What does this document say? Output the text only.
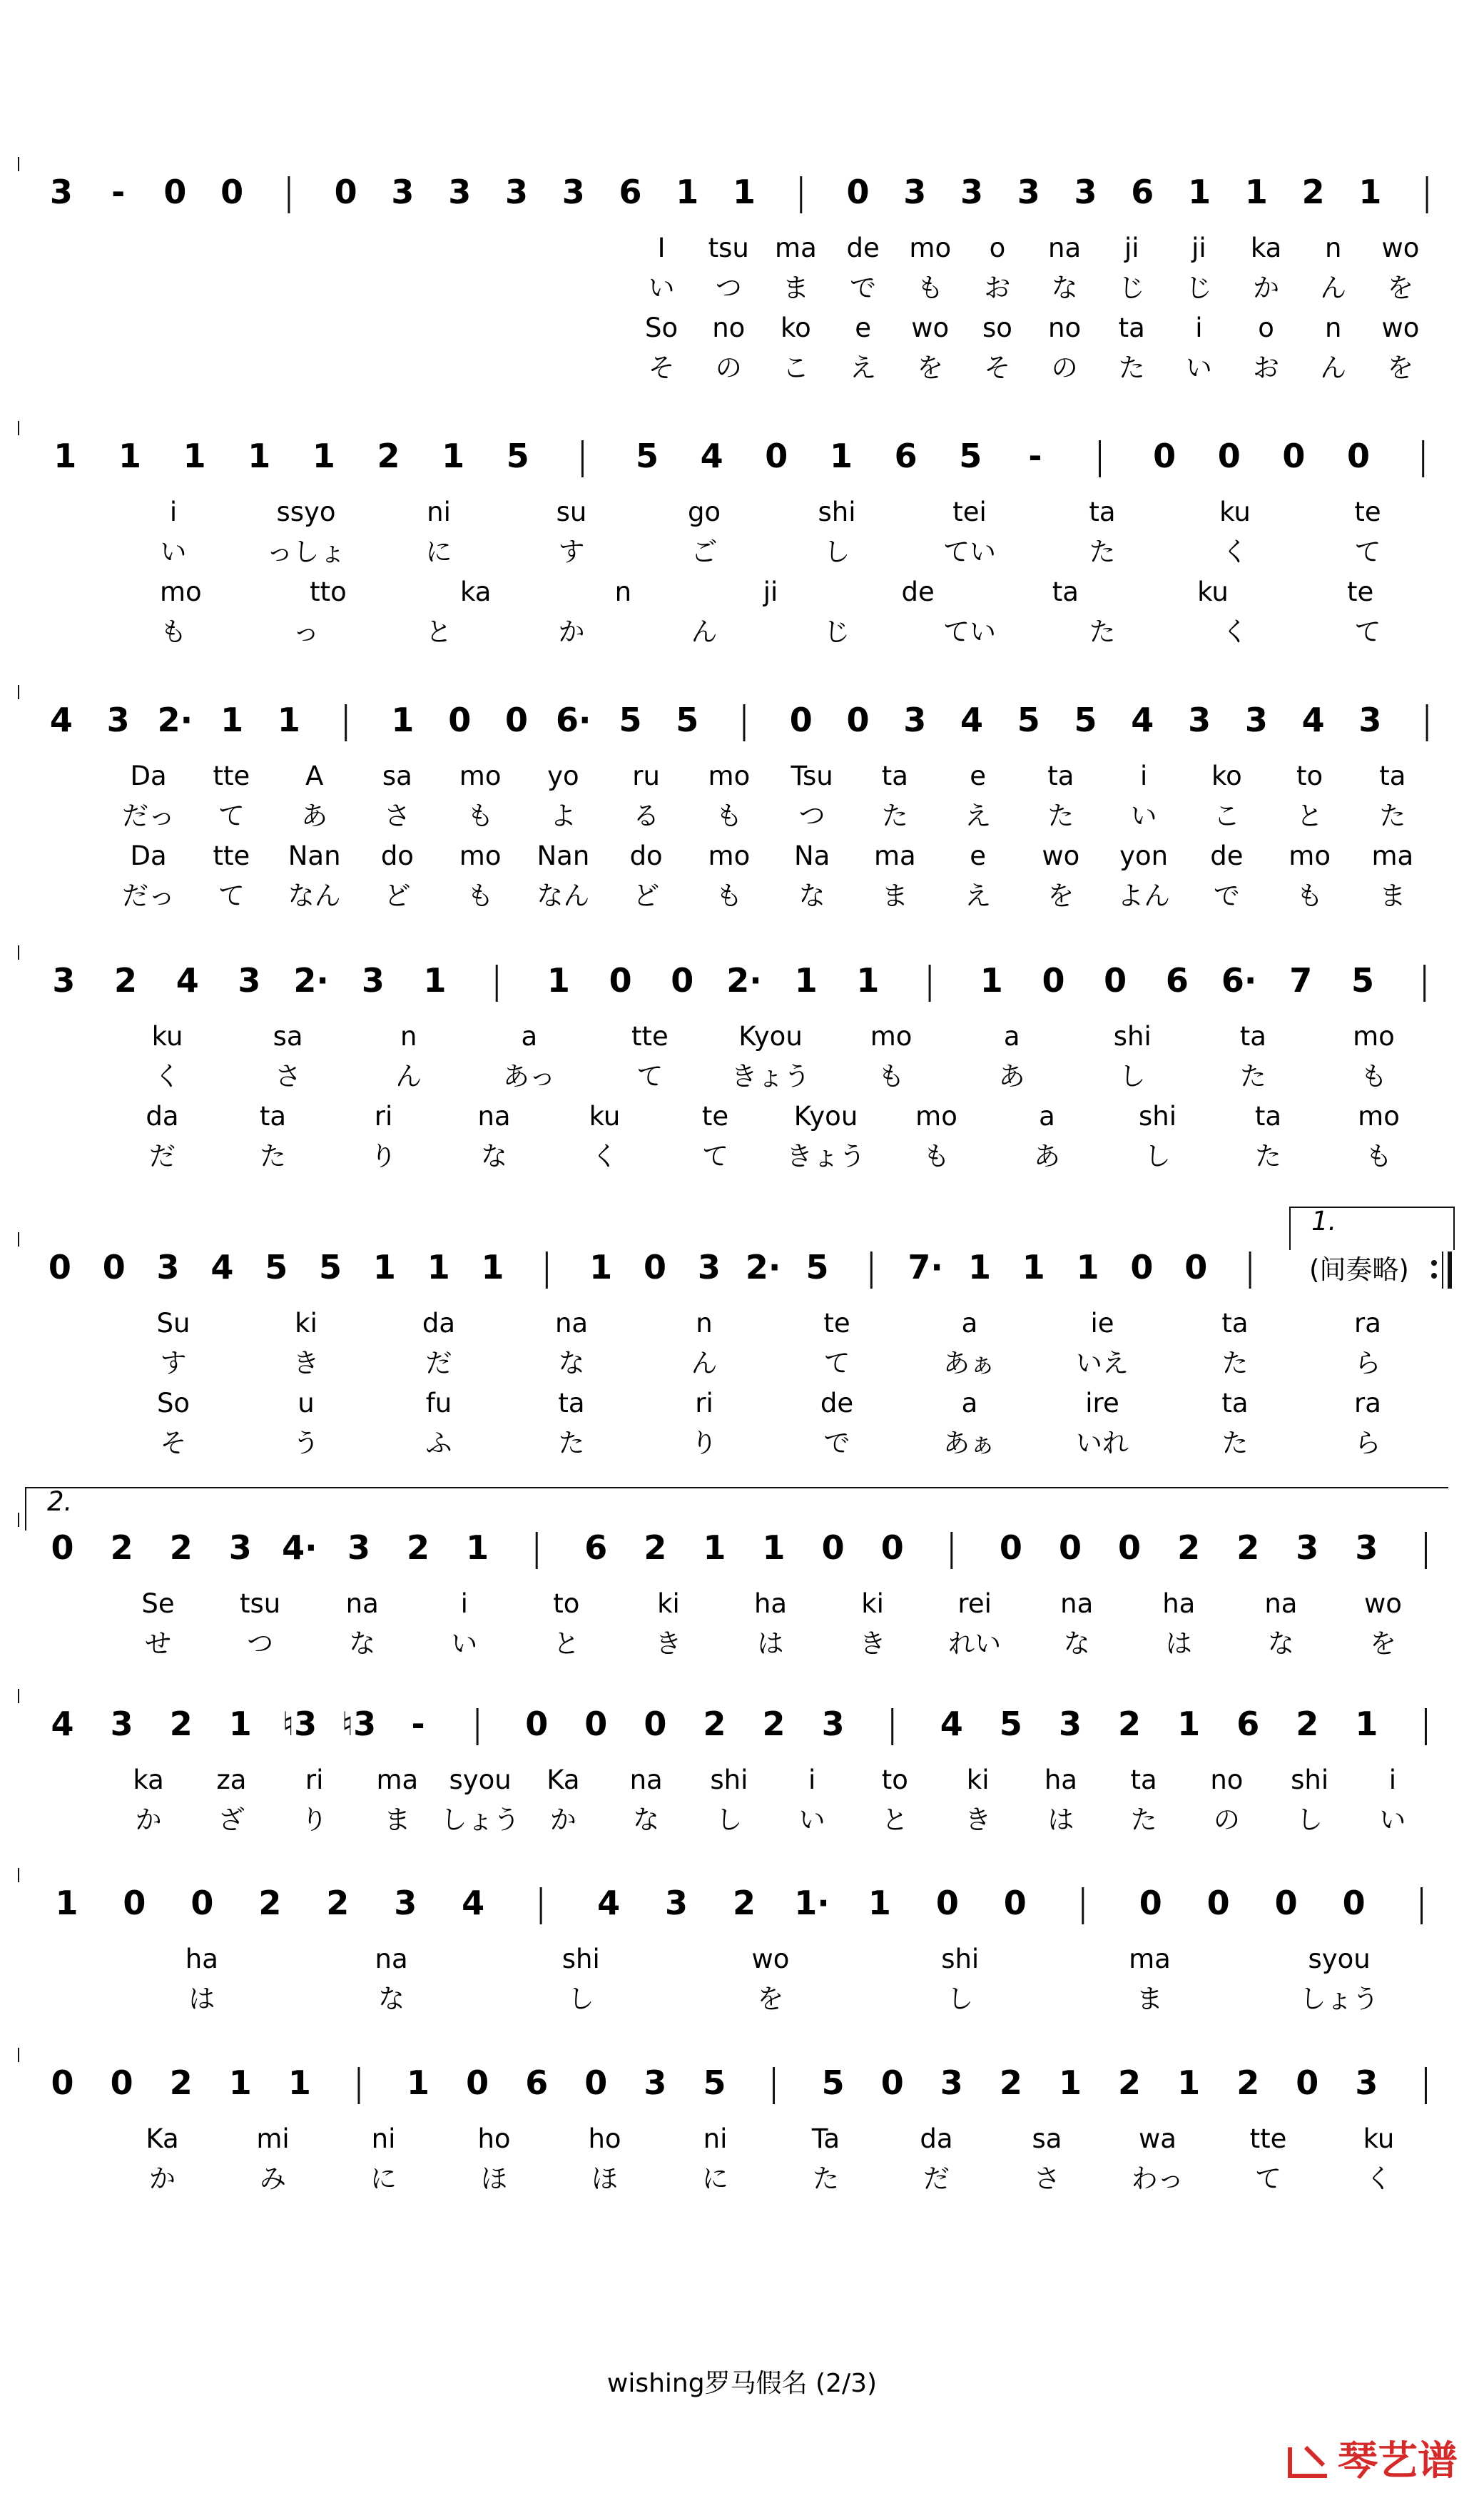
3 - 0 0	0 3 3 3 3 6 1 1	0 3 3 3 3 6 1 1 2 1
I tsu ma de mo o na ji ji ka n wo
い つ ま で も お な じ じ か ん を
So no ko e wo so no ta i o n wo
そ の こ え を そ の た い お ん を
1 1 1 1 1 2 1 5	5 4 0 1 6 5 -	0 0 0 0
i	ssyo	ni	su	go	shi	tei	ta	ku	te
い	っしょ	に	す	ご	し	てい	た	く	て
mo	tto	ka	n	ji	de	ta	ku	te
も	っ	と	か	ん	じ	てい	た	く	て
4 3 2· 1 1	1 0 0 6· 5 5	0 0 3 4 5 5 4 3 3 4 3
Da tte A sa mo yo ru mo Tsu ta e ta	i ko to ta
だっ て あ さ も よ る も つ た え た い こ と た
Da tte Nan do mo Nan do mo Na ma e wo yon de mo ma
だっ て なん ど も なん ど も な ま え を よん で も ま
3 2 4 3 2· 3 1	1 0 0 2· 1 1	1 0 0 6 6· 7 5
ku	sa	n	a	tte	Kyou	mo	a	shi	ta	mo
く	さ	ん	あっ	て	きょう	も	あ	し	た	も
da	ta	ri	na	ku	te Kyou mo	a	shi	ta	mo
だ	た	り	な	く	て きょう も	あ	し	た	も
0 0 3 4 5 5 1 1 1	1 0 3 2· 5 7· 1 1 1 0 0
1.
(间奏略)
Su	ki	da	na	n	te	a	ie	ta	ra
す	き	だ	な	ん	て	あぁ	いえ	た	ら
So	u	fu	ta	ri	de	a	ire	ta	ra
そ	う	ふ	た	り	で	あぁ	いれ	た	ら
0 2 2 3 4· 3 2 1	6 2 1 1 0 0	0 0 0 2 2 3 3
2.
Se tsu na	i	to	ki	ha	ki	rei	na	ha	na	wo
せ	つ	な	い	と	き	は	き れい な	は	な	を
4 3 2 1 ♮3 ♮3 -	0 0 0 2 2 3	4 5 3 2 1 6 2 1
ka za ri ma syou Ka na shi i	to ki ha ta no shi i
か ざ り ま しょう か な し い と き は た の し い
1 0 0 2 2 3 4	4 3 2 1· 1 0 0	0 0 0 0
ha	na	shi	wo	shi	ma	syou
は	な	し	を	し	ま	しょう
0 0 2 1 1	1 0 6 0 3 5	5 0 3 2 1 2 1 2 0 3
Ka	mi	ni	ho	ho	ni	Ta	da	sa	wa	tte	ku
か	み	に	ほ	ほ	に	た	だ	さ	わっ	て	く
wishing罗马假名 (2/3)
琴艺谱
